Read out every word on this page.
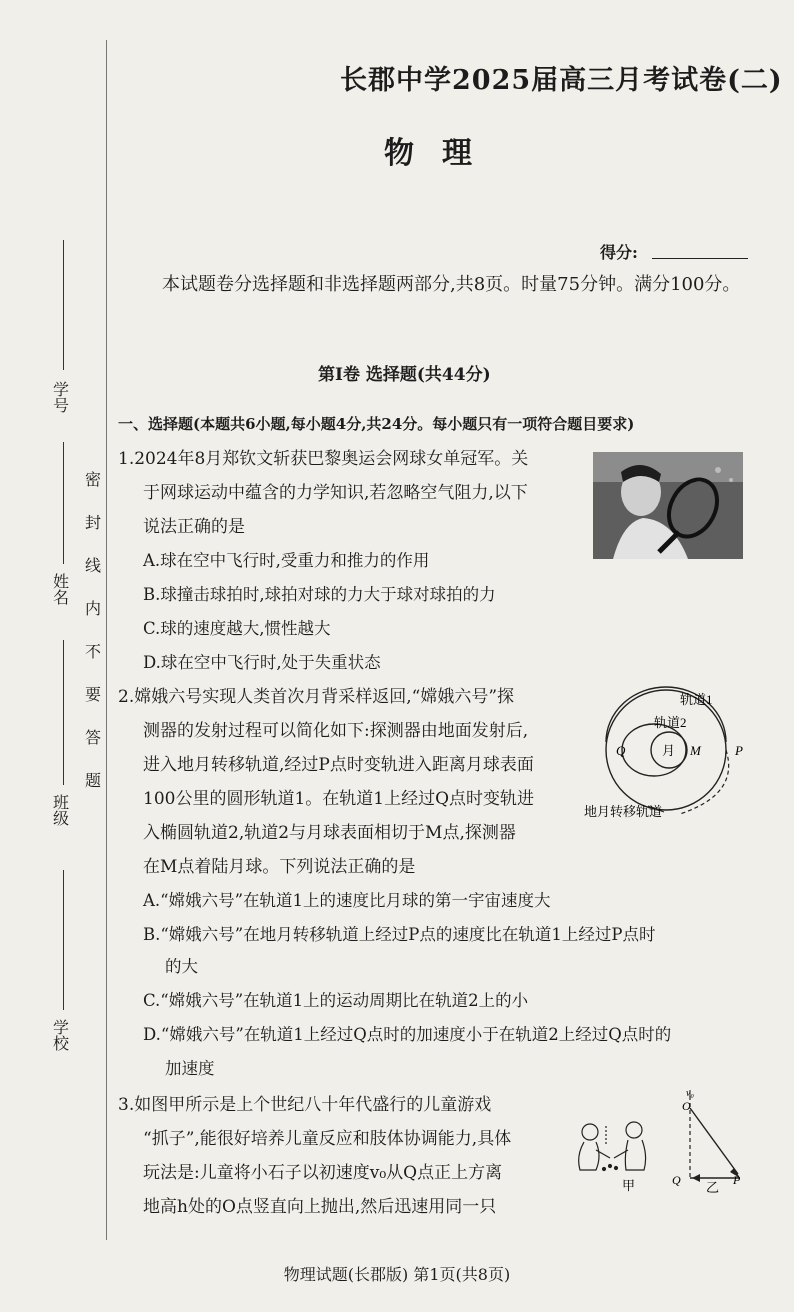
学号
姓名
班级
学校
密
封
线
内
不
要
答
题
长郡中学2025届高三月考试卷(二)
物理
得分:
本试题卷分选择题和非选择题两部分,共8页。时量75分钟。满分100分。
第Ⅰ卷 选择题(共44分)
一、选择题(本题共6小题,每小题4分,共24分。每小题只有一项符合题目要求)
1.2024年8月郑钦文斩获巴黎奥运会网球女单冠军。关
于网球运动中蕴含的力学知识,若忽略空气阻力,以下
说法正确的是
A.球在空中飞行时,受重力和推力的作用
B.球撞击球拍时,球拍对球的力大于球对球拍的力
C.球的速度越大,惯性越大
D.球在空中飞行时,处于失重状态
2.嫦娥六号实现人类首次月背采样返回,“嫦娥六号”探
测器的发射过程可以简化如下:探测器由地面发射后,
进入地月转移轨道,经过P点时变轨进入距离月球表面
100公里的圆形轨道1。在轨道1上经过Q点时变轨进
入椭圆轨道2,轨道2与月球表面相切于M点,探测器
在M点着陆月球。下列说法正确的是
A.“嫦娥六号”在轨道1上的速度比月球的第一宇宙速度大
B.“嫦娥六号”在地月转移轨道上经过P点的速度比在轨道1上经过P点时
的大
C.“嫦娥六号”在轨道1上的运动周期比在轨道2上的小
D.“嫦娥六号”在轨道1上经过Q点时的加速度小于在轨道2上经过Q点时的
加速度
轨道1
轨道2
Q	月 M	P
地月转移轨道
3.如图甲所示是上个世纪八十年代盛行的儿童游戏
“抓子”,能很好培养儿童反应和肢体协调能力,具体
玩法是:儿童将小石子以初速度v₀从Q点正上方离
地高h处的O点竖直向上抛出,然后迅速用同一只
v₀
O
Q	P
甲	乙
物理试题(长郡版) 第1页(共8页)
